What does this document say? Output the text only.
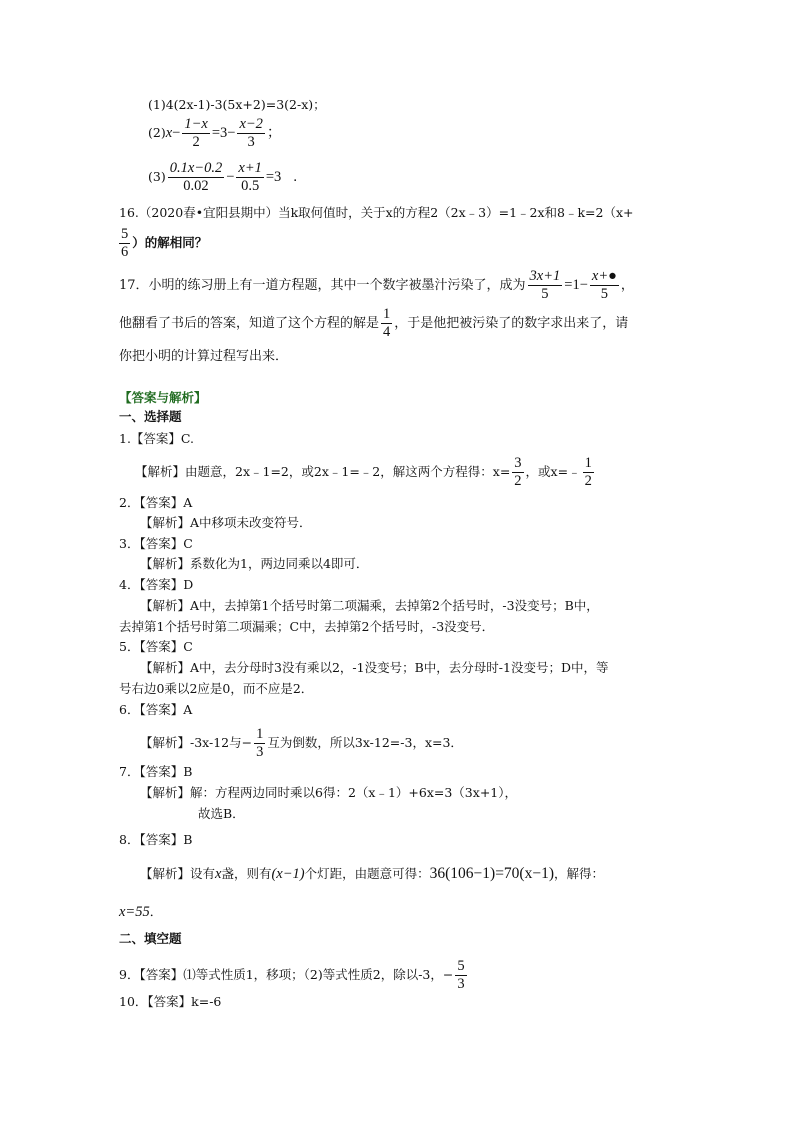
(1)4(2x-1)-3(5x+2)=3(2-x)；
$(2)x- \frac{1-x}{2} =3- \frac{x-2}{3}$ ；
$(3) \frac{0.1x-0.2}{0.02} - \frac{x+1}{0.5} =3$ .
16.（2020春•宜阳县期中）当k取何值时，关于x的方程2（2x﹣3）=1﹣2x和8﹣k=2（x+
$\frac{5}{6}$ ）的解相同？
17．小明的练习册上有一道方程题，其中一个数字被墨汁污染了，成为 $\frac{3x+1}{5} =1- \frac{x+●}{5}$ ，
他翻看了书后的答案，知道了这个方程的解是 $\frac{1}{4}$ ，于是他把被污染了的数字求出来了，请
你把小明的计算过程写出来．
【答案与解析】
一、选择题
1.【答案】C.
【解析】由题意，2x﹣1=2，或2x﹣1=﹣2，解这两个方程得：$x= \frac{3}{2}$ ，或x=﹣ $\frac{1}{2}$
2．【答案】A
【解析】A中移项未改变符号．
3．【答案】C
【解析】系数化为1，两边同乘以4即可．
4．【答案】D
【解析】A中，去掉第1个括号时第二项漏乘，去掉第2个括号时，-3没变号；B中，
去掉第1个括号时第二项漏乘；C中，去掉第2个括号时，-3没变号．
5．【答案】C
【解析】A中，去分母时3没有乘以2，-1没变号；B中，去分母时-1没变号；D中，等
号右边0乘以2应是0，而不应是2．
6．【答案】A
【解析】-3x-12与− $\frac{1}{3}$ 互为倒数，所以3x-12=-3，x=3．
7．【答案】B
【解析】解：方程两边同时乘以6得：2（x﹣1）+6x=3（3x+1），
故选B．
8．【答案】B
【解析】设有x盏，则有(x−1)个灯距，由题意可得：36(106−1)=70(x−1)，解得：
x=55．
二、填空题
9．【答案】⑴等式性质1，移项；（2)等式性质2，除以-3，− $\frac{5}{3}$
10．【答案】k=-6
